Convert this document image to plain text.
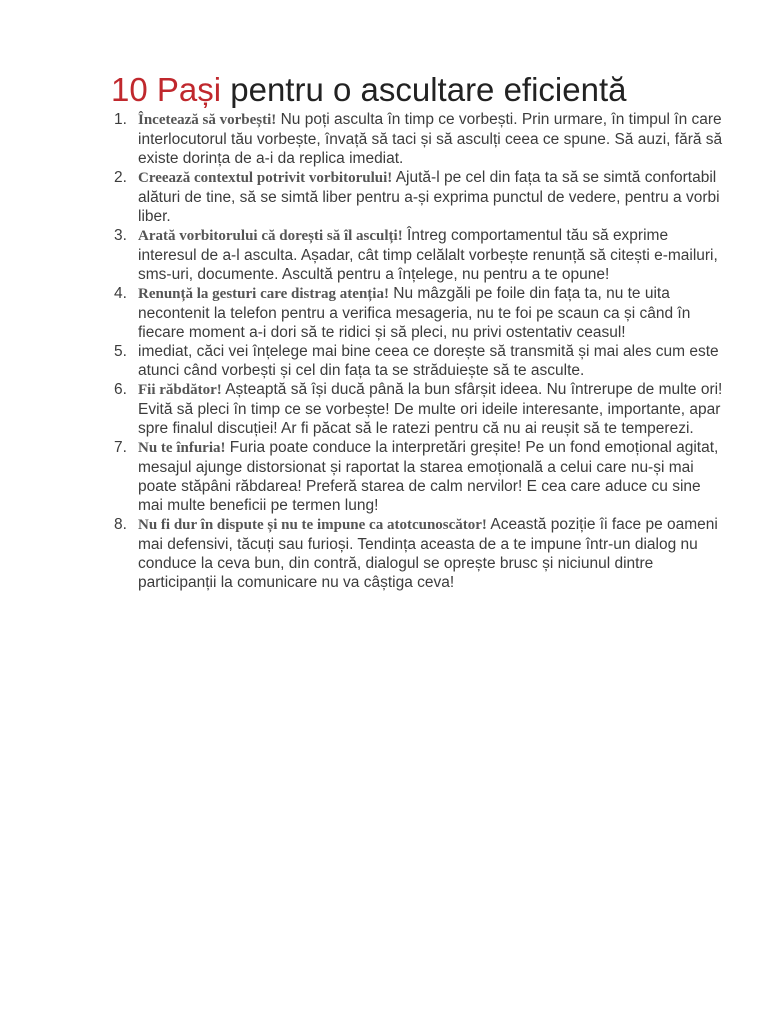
10 Pași pentru o ascultare eficientă
1. Încetează să vorbești! Nu poți asculta în timp ce vorbești. Prin urmare, în timpul în care interlocutorul tău vorbește, învață să taci și să asculți ceea ce spune. Să auzi, fără să existe dorința de a-i da replica imediat.
2. Creează contextul potrivit vorbitorului! Ajută-l pe cel din fața ta să se simtă confortabil alături de tine, să se simtă liber pentru a-și exprima punctul de vedere, pentru a vorbi liber.
3. Arată vorbitorului că dorești să îl asculți! Întreg comportamentul tău să exprime interesul de a-l asculta. Așadar, cât timp celălalt vorbește renunță să citești e-mailuri, sms-uri, documente. Ascultă pentru a înțelege, nu pentru a te opune!
4. Renunță la gesturi care distrag atenția! Nu mâzgăli pe foile din fața ta, nu te uita necontenit la telefon pentru a verifica mesageria, nu te foi pe scaun ca și când în fiecare moment a-i dori să te ridici și să pleci, nu privi ostentativ ceasul!
5. imediat, căci vei înțelege mai bine ceea ce dorește să transmită și mai ales cum este atunci când vorbești și cel din fața ta se străduiește să te asculte.
6. Fii răbdător! Așteaptă să își ducă până la bun sfârșit ideea. Nu întrerupe de multe ori! Evită să pleci în timp ce se vorbește! De multe ori ideile interesante, importante, apar spre finalul discuției! Ar fi păcat să le ratezi pentru că nu ai reușit să te temperezi.
7. Nu te înfuria! Furia poate conduce la interpretări greșite! Pe un fond emoțional agitat, mesajul ajunge distorsionat și raportat la starea emoțională a celui care nu-și mai poate stăpâni răbdarea! Preferă starea de calm nervilor! E cea care aduce cu sine mai multe beneficii pe termen lung!
8. Nu fi dur în dispute și nu te impune ca atotcunoscător! Această poziție îi face pe oameni mai defensivi, tăcuți sau furioși. Tendința aceasta de a te impune într-un dialog nu conduce la ceva bun, din contră, dialogul se oprește brusc și niciunul dintre participanții la comunicare nu va câștiga ceva!
